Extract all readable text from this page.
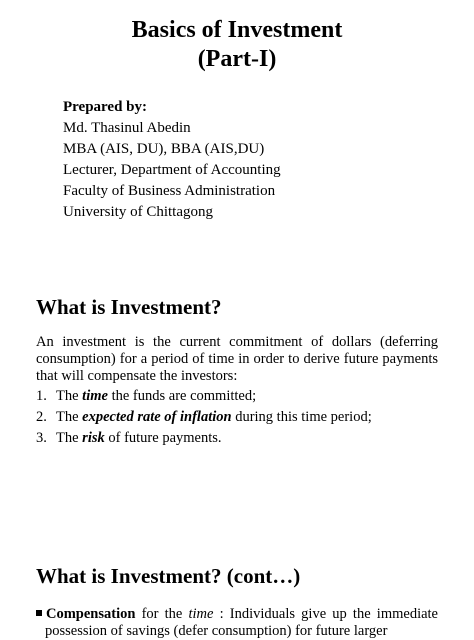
Basics of Investment
(Part-I)
Prepared by:
Md. Thasinul Abedin
MBA (AIS, DU), BBA (AIS,DU)
Lecturer, Department of Accounting
Faculty of Business Administration
University of Chittagong
What is Investment?
An investment is the current commitment of dollars (deferring consumption) for a period of time in order to derive future payments that will compensate the investors:
1. The time the funds are committed;
2. The expected rate of inflation during this time period;
3. The risk of future payments.
What is Investment? (cont…)
Compensation for the time : Individuals give up the immediate
possession of savings (defer consumption) for future larger
